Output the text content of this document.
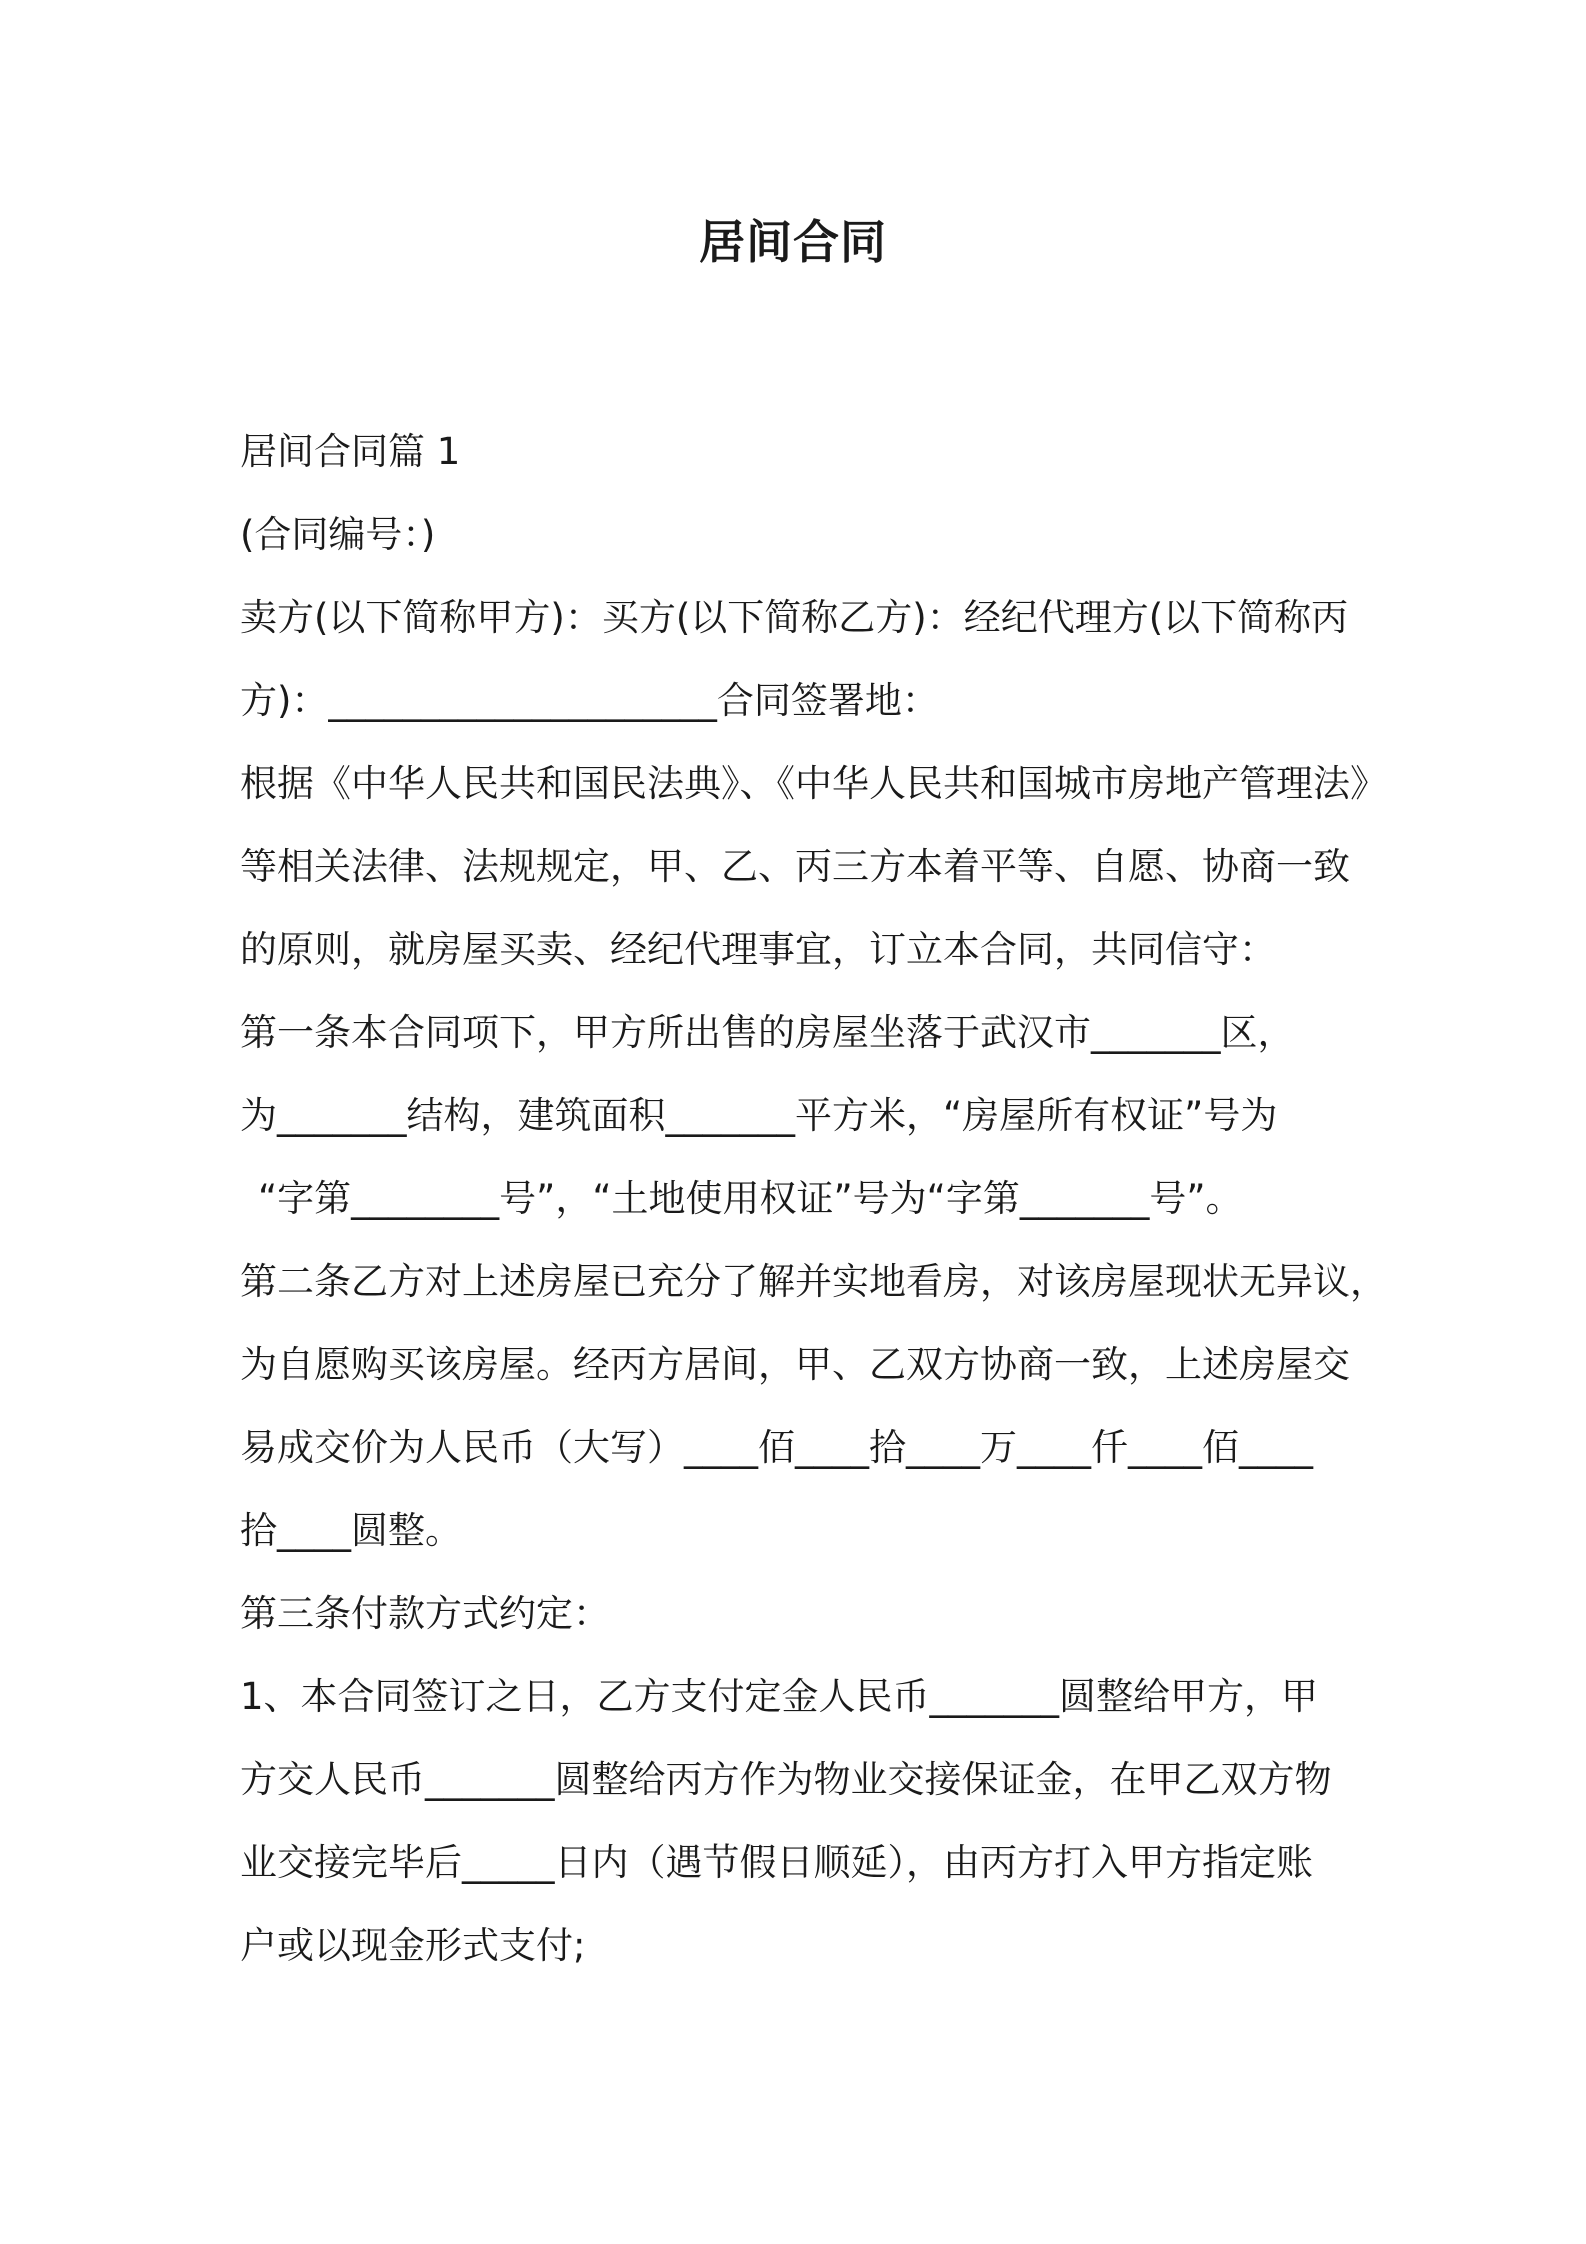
居间合同
居间合同篇 1
(合同编号：)
卖方(以下简称甲方)：买方(以下简称乙方)：经纪代理方(以下简称丙
方)：_____________________合同签署地：
根据《中华人民共和国民法典》、《中华人民共和国城市房地产管理法》
等相关法律、法规规定，甲、乙、丙三方本着平等、自愿、协商一致
的原则，就房屋买卖、经纪代理事宜，订立本合同，共同信守：
第一条本合同项下，甲方所出售的房屋坐落于武汉市_______区，
为_______结构，建筑面积_______平方米，“房屋所有权证”号为
“字第________号”，“土地使用权证”号为“字第_______号”。
第二条乙方对上述房屋已充分了解并实地看房，对该房屋现状无异议，
为自愿购买该房屋。经丙方居间，甲、乙双方协商一致，上述房屋交
易成交价为人民币（大写）____佰____拾____万____仟____佰____
拾____圆整。
第三条付款方式约定：
1、本合同签订之日，乙方支付定金人民币_______圆整给甲方，甲
方交人民币_______圆整给丙方作为物业交接保证金，在甲乙双方物
业交接完毕后_____日内（遇节假日顺延），由丙方打入甲方指定账
户或以现金形式支付;
